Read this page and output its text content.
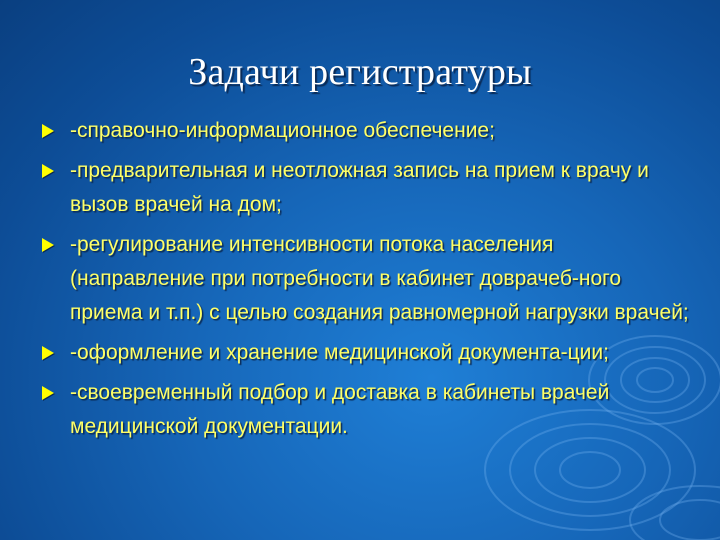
Задачи регистратуры
-справочно-информационное обеспечение;
-предварительная и неотложная запись на прием к врачу и вызов врачей на дом;
-регулирование интенсивности потока населения (направление при потребности в кабинет доврачеб-ного приема и т.п.) с целью создания равномерной нагрузки врачей;
-оформление и хранение медицинской документа-ции;
-своевременный подбор и доставка в кабинеты врачей медицинской документации.
